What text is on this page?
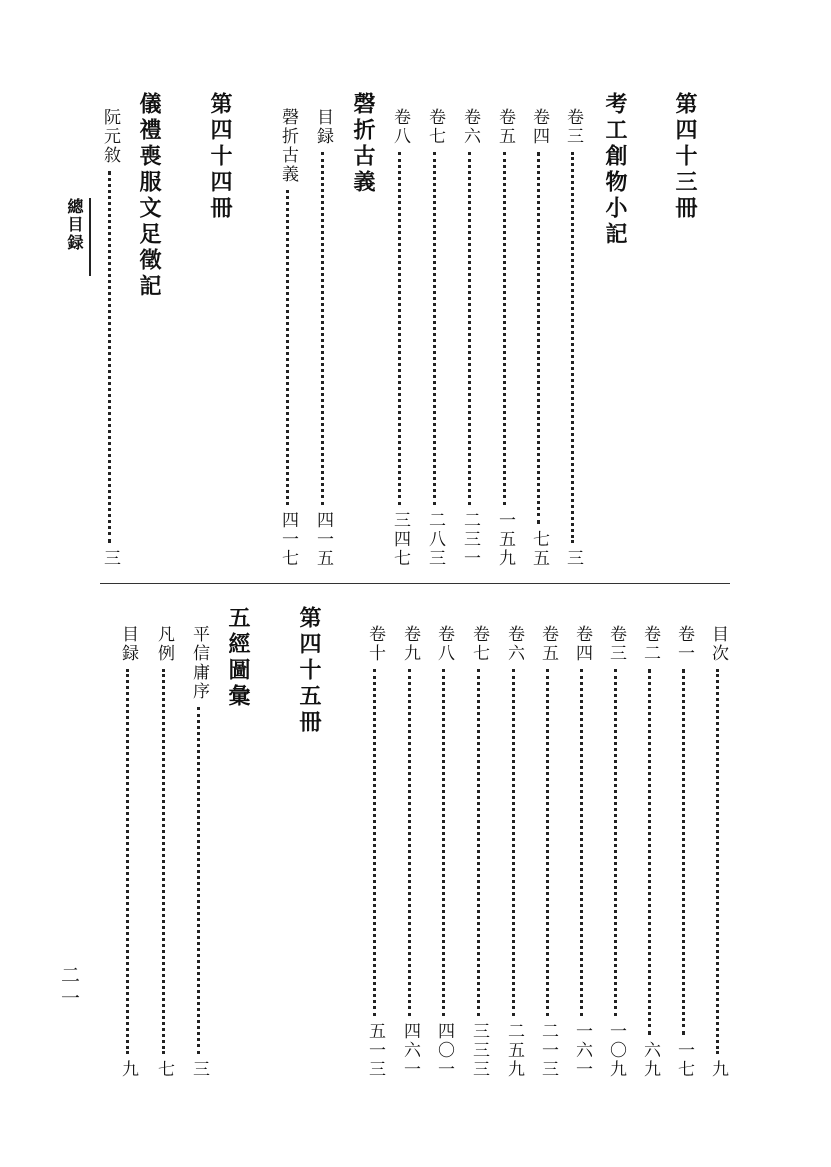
總目録
二一
第四十三冊
考工創物小記
卷三
三
卷四
七五
卷五
一五九
卷六
二三一
卷七
二八三
卷八
三四七
磬折古義
目録
四一五
磬折古義
四一七
第四十四冊
儀禮喪服文足徵記
阮元敘
三
目次
九
卷一
一七
卷二
六九
卷三
一〇九
卷四
一六一
卷五
二一三
卷六
二五九
卷七
三三三
卷八
四〇一
卷九
四六一
卷十
五一三
第四十五冊
五經圖彙
平信庸序
三
凡例
七
目録
九
